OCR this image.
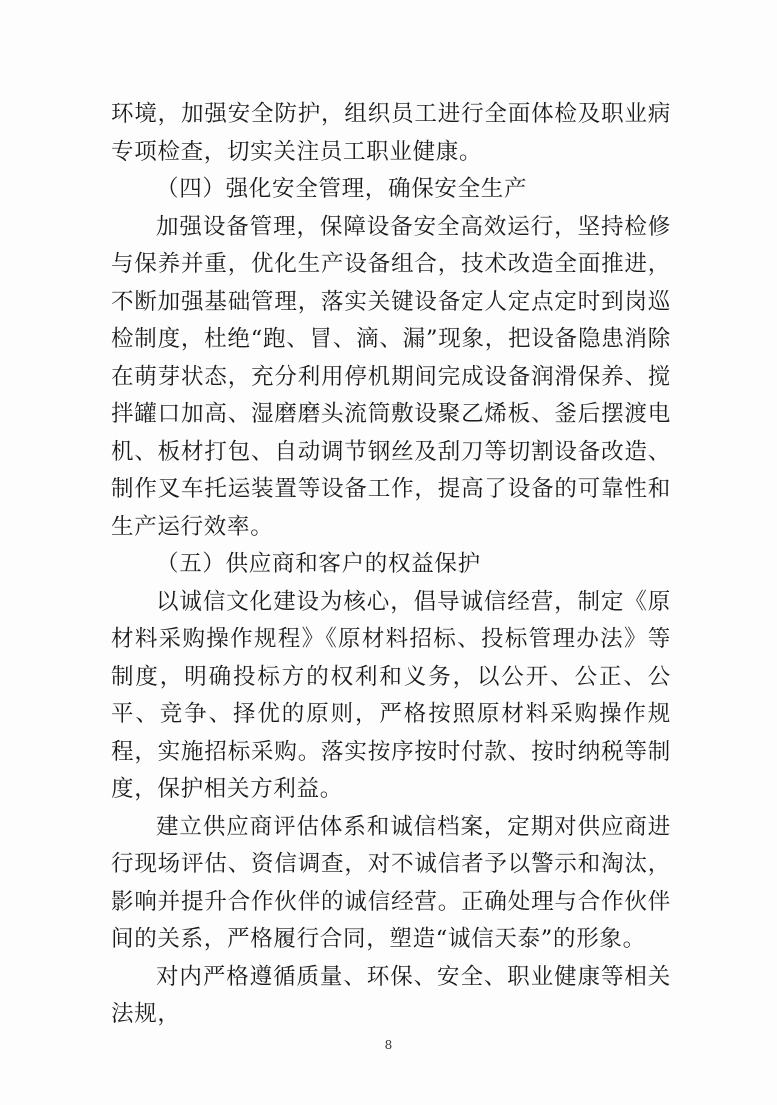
环境，加强安全防护，组织员工进行全面体检及职业病专项检查，切实关注员工职业健康。

（四）强化安全管理，确保安全生产

加强设备管理，保障设备安全高效运行，坚持检修与保养并重，优化生产设备组合，技术改造全面推进，不断加强基础管理，落实关键设备定人定点定时到岗巡检制度，杜绝“跑、冒、滴、漏”现象，把设备隐患消除在萌芽状态，充分利用停机期间完成设备润滑保养、搅拌罐口加高、湿磨磨头流筒敷设聚乙烯板、釜后摆渡电机、板材打包、自动调节钢丝及刮刀等切割设备改造、制作叉车托运装置等设备工作，提高了设备的可靠性和生产运行效率。

（五）供应商和客户的权益保护

以诚信文化建设为核心，倡导诚信经营，制定《原材料采购操作规程》《原材料招标、投标管理办法》等制度，明确投标方的权利和义务，以公开、公正、公平、竞争、择优的原则，严格按照原材料采购操作规程，实施招标采购。落实按序按时付款、按时纳税等制度，保护相关方利益。

建立供应商评估体系和诚信档案，定期对供应商进行现场评估、资信调查，对不诚信者予以警示和淘汰，影响并提升合作伙伴的诚信经营。正确处理与合作伙伴间的关系，严格履行合同，塑造“诚信天泰”的形象。

对内严格遵循质量、环保、安全、职业健康等相关法规，

8
